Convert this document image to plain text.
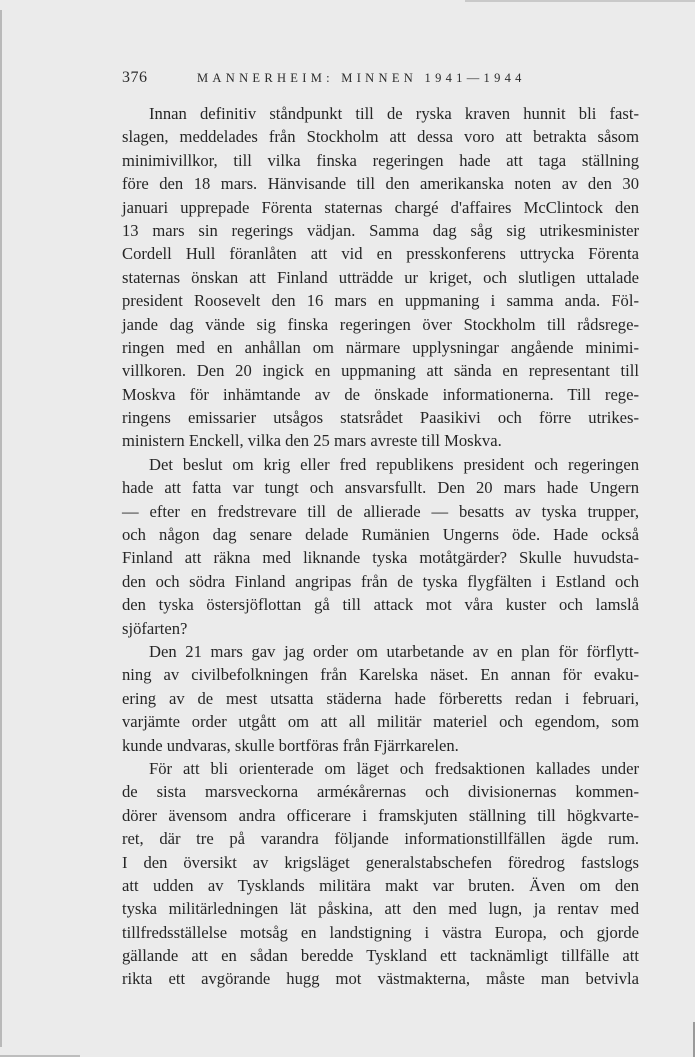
376	MANNERHEIM: MINNEN 1941—1944
Innan definitiv ståndpunkt till de ryska kraven hunnit bli fast-
slagen, meddelades från Stockholm att dessa voro att betrakta såsom
minimivillkor, till vilka finska regeringen hade att taga ställning
före den 18 mars. Hänvisande till den amerikanska noten av den 30
januari upprepade Förenta staternas chargé d'affaires McClintock den
13 mars sin regerings vädjan. Samma dag såg sig utrikesminister
Cordell Hull föranlåten att vid en presskonferens uttrycka Förenta
staternas önskan att Finland utträdde ur kriget, och slutligen uttalade
president Roosevelt den 16 mars en uppmaning i samma anda. Föl-
jande dag vände sig finska regeringen över Stockholm till rådsrege-
ringen med en anhållan om närmare upplysningar angående minimi-
villkoren. Den 20 ingick en uppmaning att sända en representant till
Moskva för inhämtande av de önskade informationerna. Till rege-
ringens emissarier utsågos statsrådet Paasikivi och förre utrikes-
ministern Enckell, vilka den 25 mars avreste till Moskva.
Det beslut om krig eller fred republikens president och regeringen
hade att fatta var tungt och ansvarsfullt. Den 20 mars hade Ungern
— efter en fredstrevare till de allierade — besatts av tyska trupper,
och någon dag senare delade Rumänien Ungerns öde. Hade också
Finland att räkna med liknande tyska motåtgärder? Skulle huvudsta-
den och södra Finland angripas från de tyska flygfälten i Estland och
den tyska östersjöflottan gå till attack mot våra kuster och lamslå
sjöfarten?
Den 21 mars gav jag order om utarbetande av en plan för förflytt-
ning av civilbefolkningen från Karelska näset. En annan för evaku-
ering av de mest utsatta städerna hade förberetts redan i februari,
varjämte order utgått om att all militär materiel och egendom, som
kunde undvaras, skulle bortföras från Fjärrkarelen.
För att bli orienterade om läget och fredsaktionen kallades under
de sista marsveckorna arméкårernas och divisionernas kommen-
dörer ävensom andra officerare i framskjuten ställning till högkvarte-
ret, där tre på varandra följande informationstillfällen ägde rum.
I den översikt av krigsläget generalstabschefen föredrog fastslogs
att udden av Tysklands militära makt var bruten. Även om den
tyska militärledningen lät påskina, att den med lugn, ja rentav med
tillfredsställelse motsåg en landstigning i västra Europa, och gjorde
gällande att en sådan beredde Tyskland ett tacknämligt tillfälle att
rikta ett avgörande hugg mot västmakterna, måste man betvivla
